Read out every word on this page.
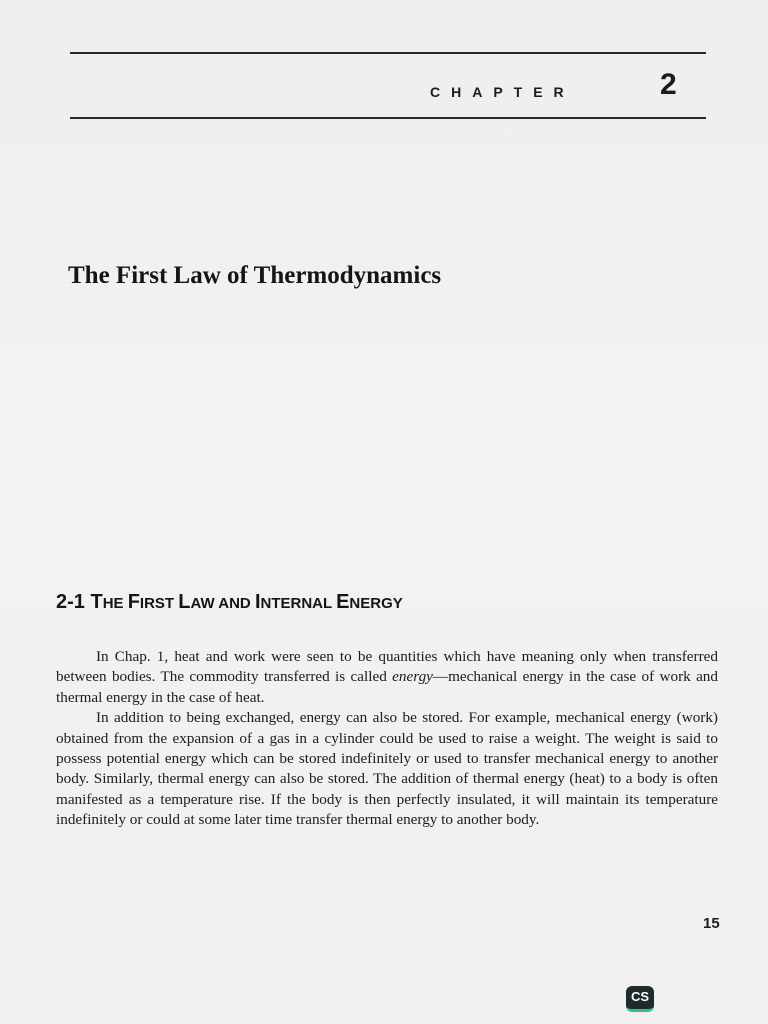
CHAPTER	2
The First Law of Thermodynamics
2-1 THE FIRST LAW AND INTERNAL ENERGY

In Chap. 1, heat and work were seen to be quantities which have meaning only when transferred between bodies. The commodity transferred is called energy—mechanical energy in the case of work and thermal energy in the case of heat.

In addition to being exchanged, energy can also be stored. For example, mechanical energy (work) obtained from the expansion of a gas in a cylinder could be used to raise a weight. The weight is said to possess potential energy which can be stored indefinitely or used to transfer mechanical energy to another body. Similarly, thermal energy can also be stored. The addition of thermal energy (heat) to a body is often manifested as a temperature rise. If the body is then perfectly insulated, it will maintain its temperature indefinitely or could at some later time transfer thermal energy to another body.

15
CS
